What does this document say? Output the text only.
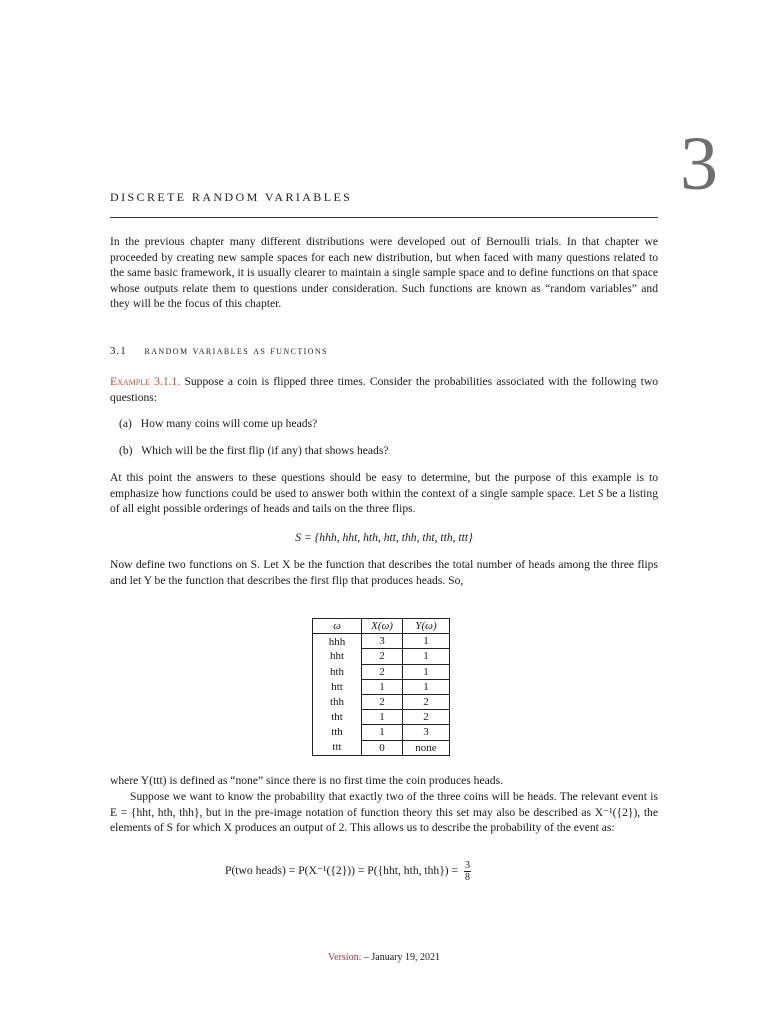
3
DISCRETE RANDOM VARIABLES

In the previous chapter many different distributions were developed out of Bernoulli trials. In that chapter we proceeded by creating new sample spaces for each new distribution, but when faced with many questions related to the same basic framework, it is usually clearer to maintain a single sample space and to define functions on that space whose outputs relate them to questions under consideration. Such functions are known as “random variables” and they will be the focus of this chapter.

3.1 random variables as functions

Example 3.1.1. Suppose a coin is flipped three times. Consider the probabilities associated with the following two questions:

(a) How many coins will come up heads?
(b) Which will be the first flip (if any) that shows heads?

At this point the answers to these questions should be easy to determine, but the purpose of this example is to emphasize how functions could be used to answer both within the context of a single sample space. Let S be a listing of all eight possible orderings of heads and tails on the three flips.

S = {hhh, hht, hth, htt, thh, tht, tth, ttt}

Now define two functions on S. Let X be the function that describes the total number of heads among the three flips and let Y be the function that describes the first flip that produces heads. So,

ω	X(ω)	Y(ω)
hhh	3	1
hht	2	1
hth	2	1
htt	1	1
thh	2	2
tht	1	2
tth	1	3
ttt	0	none

where Y(ttt) is defined as “none” since there is no first time the coin produces heads.

Suppose we want to know the probability that exactly two of the three coins will be heads. The relevant event is E = {hht, hth, thh}, but in the pre-image notation of function theory this set may also be described as X⁻¹({2}), the elements of S for which X produces an output of 2. This allows us to describe the probability of the event as:

P(two heads) = P(X⁻¹({2})) = P({hht, hth, $thh\}) = \frac{3}{8}$
Version: – January 19, 2021
